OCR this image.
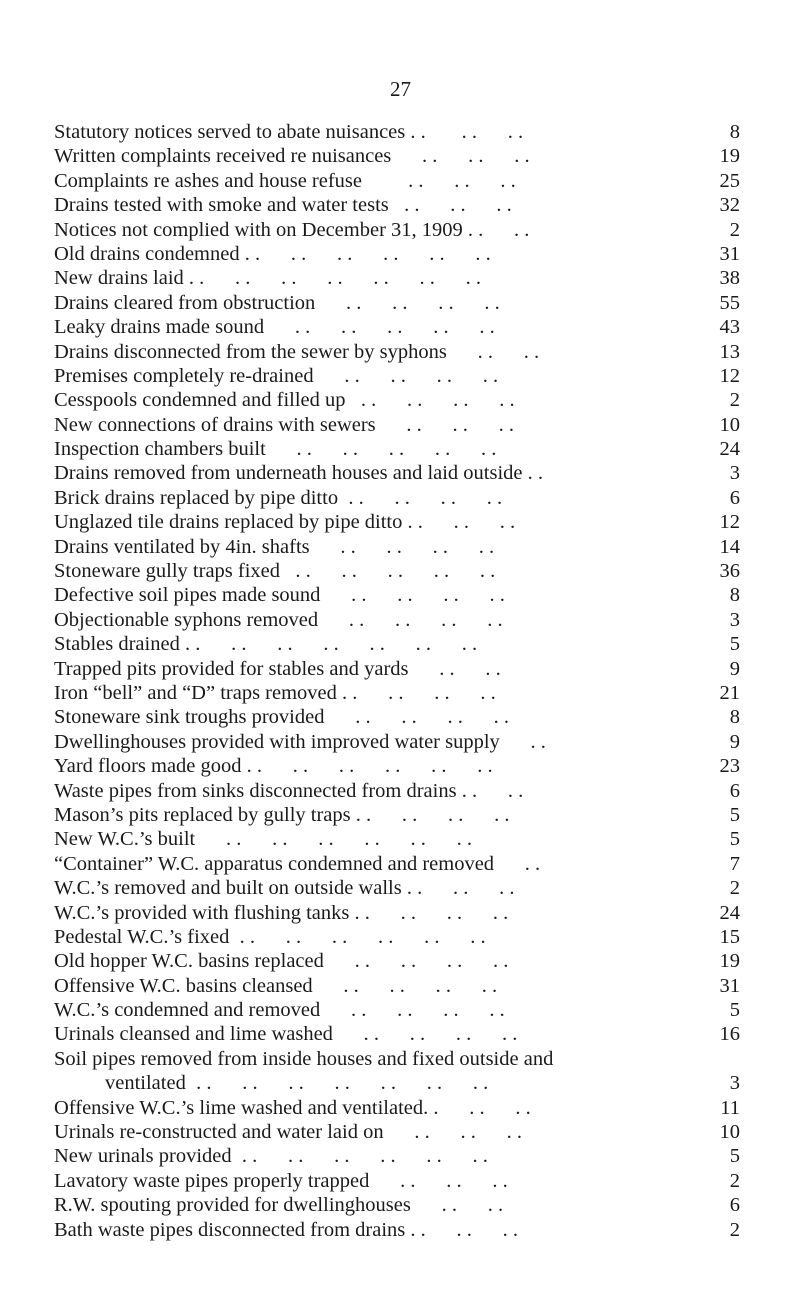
27
Statutory notices served to abate nuisances . .       . .      . .	8
Written complaints received re nuisances      . .      . .      . .	19
Complaints re ashes and house refuse         . .      . .      . .	25
Drains tested with smoke and water tests   . .      . .      . .	32
Notices not complied with on December 31, 1909 . .      . .	2
Old drains condemned . .      . .      . .      . .      . .      . .	31
New drains laid . .      . .      . .      . .      . .      . .      . .	38
Drains cleared from obstruction      . .      . .      . .      . .	55
Leaky drains made sound      . .      . .      . .      . .      . .	43
Drains disconnected from the sewer by syphons      . .      . .	13
Premises completely re-drained      . .      . .      . .      . .	12
Cesspools condemned and filled up   . .      . .      . .      . .	2
New connections of drains with sewers      . .      . .      . .	10
Inspection chambers built      . .      . .      . .      . .      . .	24
Drains removed from underneath houses and laid outside . .	3
Brick drains replaced by pipe ditto  . .      . .      . .      . .	6
Unglazed tile drains replaced by pipe ditto . .      . .      . .	12
Drains ventilated by 4in. shafts      . .      . .      . .      . .	14
Stoneware gully traps fixed   . .      . .      . .      . .      . .	36
Defective soil pipes made sound      . .      . .      . .      . .	8
Objectionable syphons removed      . .      . .      . .      . .	3
Stables drained . .      . .      . .      . .      . .      . .      . .	5
Trapped pits provided for stables and yards      . .      . .	9
Iron “bell” and “D” traps removed . .      . .      . .      . .	21
Stoneware sink troughs provided      . .      . .      . .      . .	8
Dwellinghouses provided with improved water supply      . .	9
Yard floors made good . .      . .      . .      . .      . .      . .	23
Waste pipes from sinks disconnected from drains . .      . .	6
Mason’s pits replaced by gully traps . .      . .      . .      . .	5
New W.C.’s built      . .      . .      . .      . .      . .      . .	5
“Container” W.C. apparatus condemned and removed      . .	7
W.C.’s removed and built on outside walls . .      . .      . .	2
W.C.’s provided with flushing tanks . .      . .      . .      . .	24
Pedestal W.C.’s fixed  . .      . .      . .      . .      . .      . .	15
Old hopper W.C. basins replaced      . .      . .      . .      . .	19
Offensive W.C. basins cleansed      . .      . .      . .      . .	31
W.C.’s condemned and removed      . .      . .      . .      . .	5
Urinals cleansed and lime washed      . .      . .      . .      . .	16
Soil pipes removed from inside houses and fixed outside and
ventilated  . .      . .      . .      . .      . .      . .      . .	3
Offensive W.C.’s lime washed and ventilated. .      . .      . .	11
Urinals re-constructed and water laid on      . .      . .      . .	10
New urinals provided  . .      . .      . .      . .      . .      . .	5
Lavatory waste pipes properly trapped      . .      . .      . .	2
R.W. spouting provided for dwellinghouses      . .      . .	6
Bath waste pipes disconnected from drains . .      . .      . .	2
